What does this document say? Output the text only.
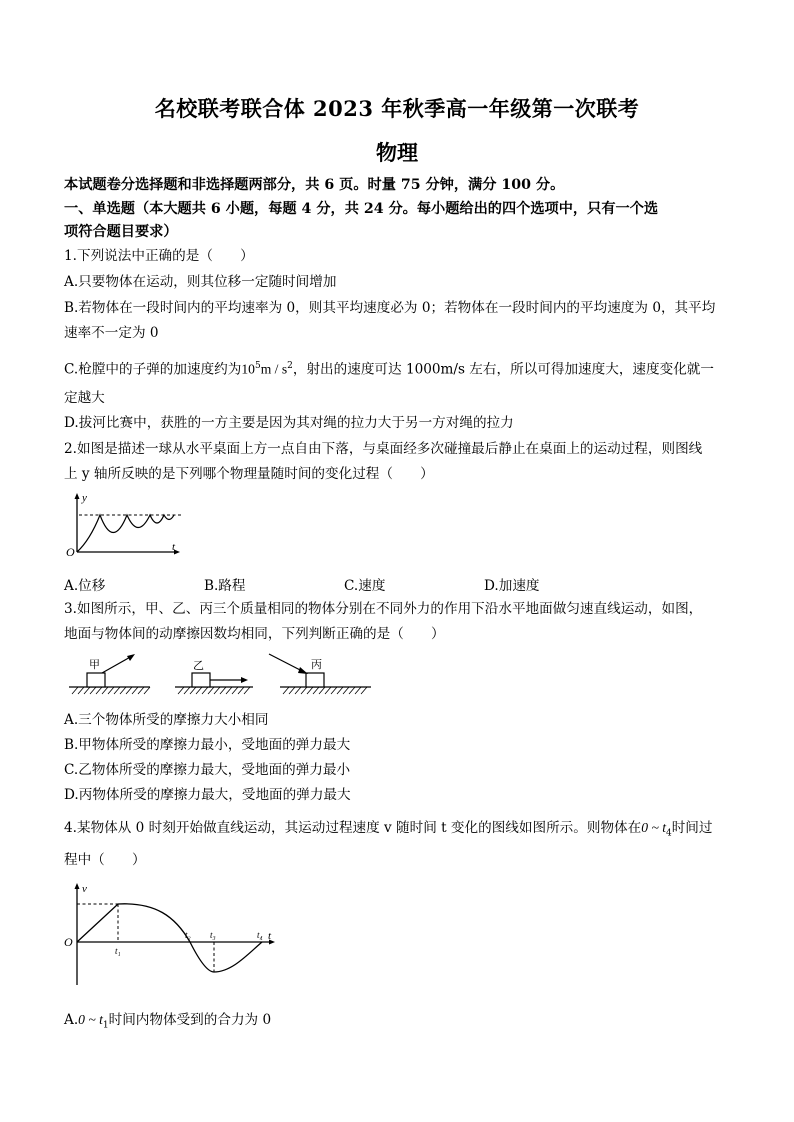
名校联考联合体 2023 年秋季高一年级第一次联考
物理
本试题卷分选择题和非选择题两部分，共 6 页。时量 75 分钟，满分 100 分。
一、单选题（本大题共 6 小题，每题 4 分，共 24 分。每小题给出的四个选项中，只有一个选
项符合题目要求）
1.下列说法中正确的是（　　）
A.只要物体在运动，则其位移一定随时间增加
B.若物体在一段时间内的平均速率为 0，则其平均速度必为 0；若物体在一段时间内的平均速度为 0，其平均
速率不一定为 0
C.枪膛中的子弹的加速度约为$10^5m / s^2$，射出的速度可达 1000m/s 左右，所以可得加速度大，速度变化就一
定越大
D.拔河比赛中，获胜的一方主要是因为其对绳的拉力大于另一方对绳的拉力
2.如图是描述一球从水平桌面上方一点自由下落，与桌面经多次碰撞最后静止在桌面上的运动过程，则图线
上 y 轴所反映的是下列哪个物理量随时间的变化过程（　　）
y
t
O
A.位移	B.路程	C.速度	D.加速度
3.如图所示，甲、乙、丙三个质量相同的物体分别在不同外力的作用下沿水平地面做匀速直线运动，如图，
地面与物体间的动摩擦因数均相同，下列判断正确的是（　　）
甲	乙	丙
A.三个物体所受的摩擦力大小相同
B.甲物体所受的摩擦力最小，受地面的弹力最大
C.乙物体所受的摩擦力最大，受地面的弹力最小
D.丙物体所受的摩擦力最大，受地面的弹力最大
4.某物体从 0 时刻开始做直线运动，其运动过程速度 v 随时间 t 变化的图线如图所示。则物体在0 ~ $t_4$时间过
程中（　　）
v
t
O
t₁
t₂ t₃	t₄
A.0 ~ $t_1$时间内物体受到的合力为 0
